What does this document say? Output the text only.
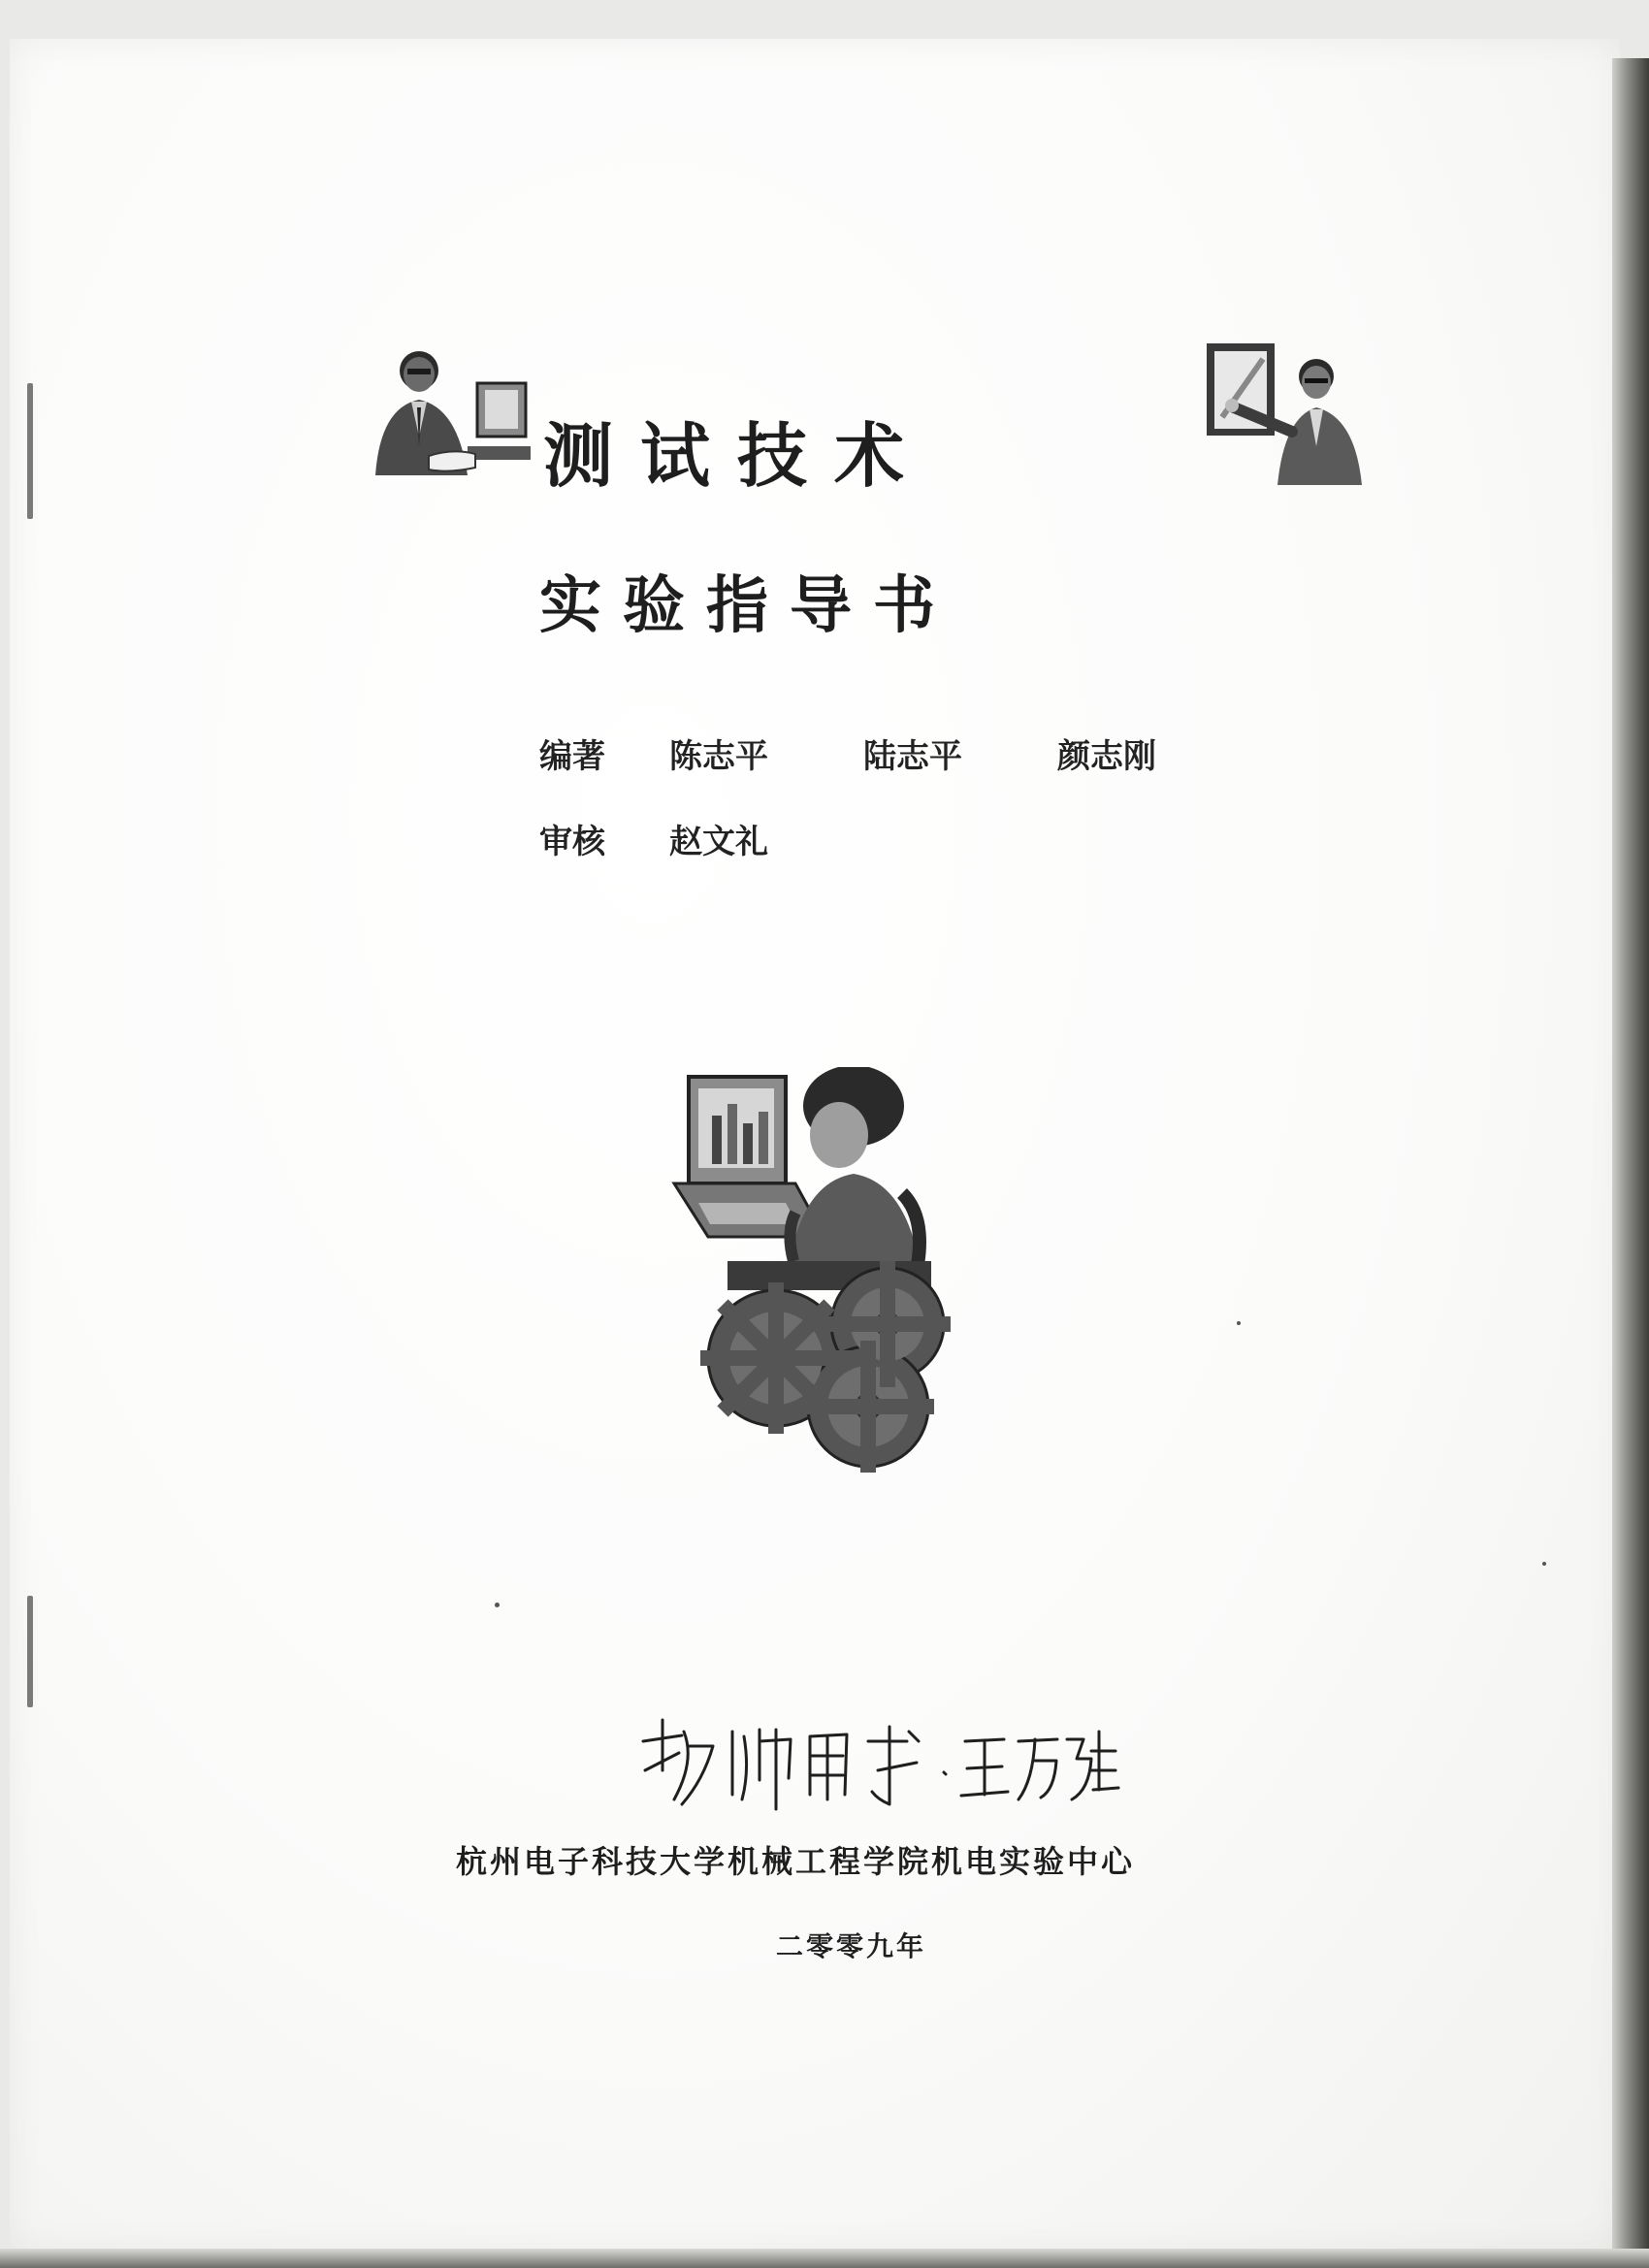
测试技术
实验指导书
编著 陈志平	陆志平	颜志刚
审核 赵文礼
杭州电子科技大学机械工程学院机电实验中心
二零零九年
